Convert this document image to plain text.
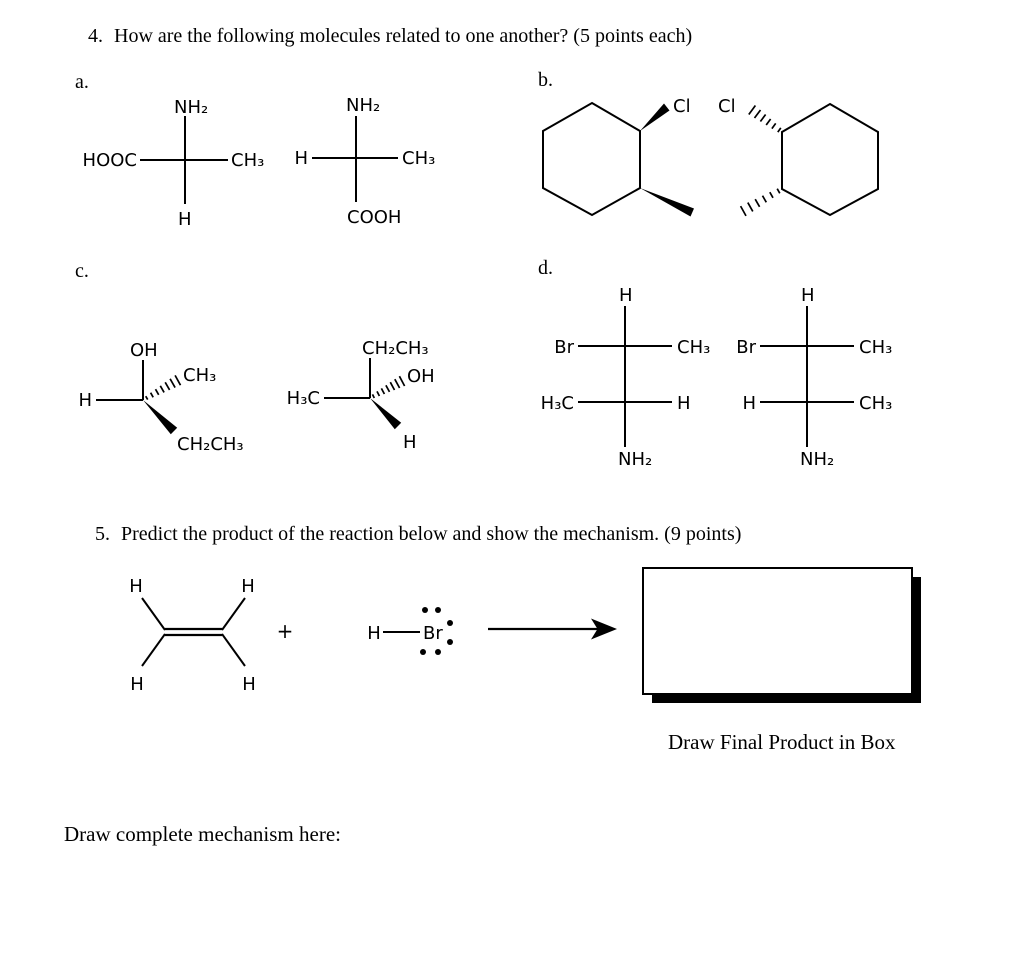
4. How are the following molecules related to one another? (5 points each)
a.	b.
c.	d.
NH₂
HOOC	CH₃
H
NH₂
H	CH₃
COOH
Cl Cl
OH
H
CH₃
CH₂CH₃
CH₂CH₃
H₃C
OH
H
H
Br	CH₃
H₃C	H
NH₂
H
Br	CH₃
H	CH₃
NH₂
5. Predict the product of the reaction below and show the mechanism. (9 points)
H	H
H	H
+	H Br
Draw Final Product in Box
Draw complete mechanism here:
